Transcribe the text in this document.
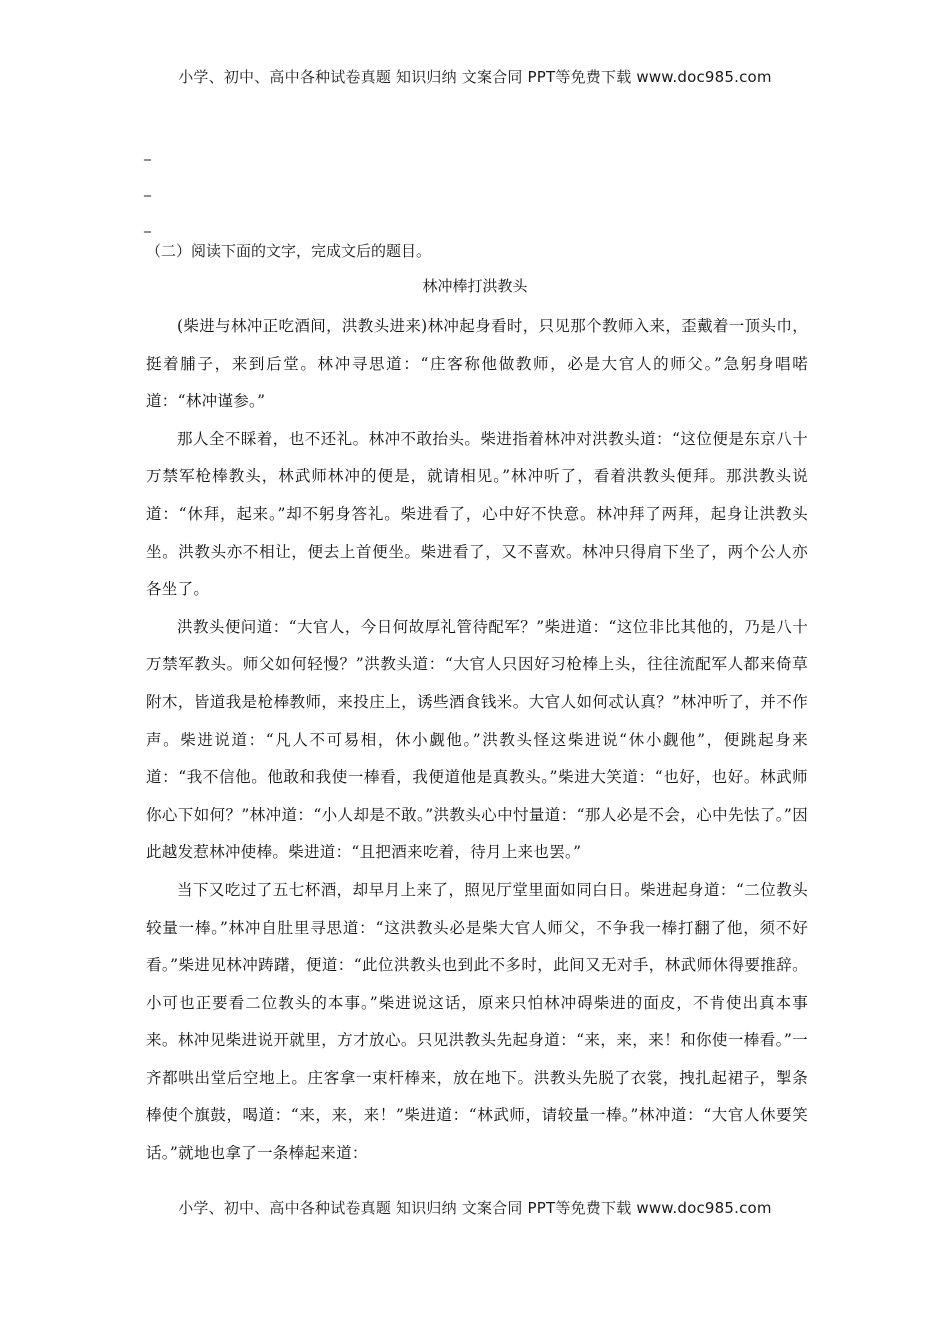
小学、初中、高中各种试卷真题 知识归纳 文案合同 PPT等免费下载 www.doc985.com
_
_
_
（二）阅读下面的文字，完成文后的题目。
林冲棒打洪教头

(柴进与林冲正吃酒间，洪教头进来)林冲起身看时，只见那个教师入来，歪戴着一顶头巾，挺着脯子，来到后堂。林冲寻思道：“庄客称他做教师，必是大官人的师父。”急躬身唱喏道：“林冲谨参。”

那人全不睬着，也不还礼。林冲不敢抬头。柴进指着林冲对洪教头道：“这位便是东京八十万禁军枪棒教头，林武师林冲的便是，就请相见。”林冲听了，看着洪教头便拜。那洪教头说道：“休拜，起来。”却不躬身答礼。柴进看了，心中好不快意。林冲拜了两拜，起身让洪教头坐。洪教头亦不相让，便去上首便坐。柴进看了，又不喜欢。林冲只得肩下坐了，两个公人亦各坐了。

洪教头便问道：“大官人，今日何故厚礼管待配军？”柴进道：“这位非比其他的，乃是八十万禁军教头。师父如何轻慢？”洪教头道：“大官人只因好习枪棒上头，往往流配军人都来倚草附木，皆道我是枪棒教师，来投庄上，诱些酒食钱米。大官人如何忒认真？”林冲听了，并不作声。柴进说道：“凡人不可易相，休小觑他。”洪教头怪这柴进说“休小觑他”，便跳起身来道：“我不信他。他敢和我使一棒看，我便道他是真教头。”柴进大笑道：“也好，也好。林武师你心下如何？”林冲道：“小人却是不敢。”洪教头心中忖量道：“那人必是不会，心中先怯了。”因此越发惹林冲使棒。柴进道：“且把酒来吃着，待月上来也罢。”

当下又吃过了五七杯酒，却早月上来了，照见厅堂里面如同白日。柴进起身道：“二位教头较量一棒。”林冲自肚里寻思道：“这洪教头必是柴大官人师父，不争我一棒打翻了他，须不好看。”柴进见林冲踌躇，便道：“此位洪教头也到此不多时，此间又无对手，林武师休得要推辞。小可也正要看二位教头的本事。”柴进说这话，原来只怕林冲碍柴进的面皮，不肯使出真本事来。林冲见柴进说开就里，方才放心。只见洪教头先起身道：“来，来，来！和你使一棒看。”一齐都哄出堂后空地上。庄客拿一束杆棒来，放在地下。洪教头先脱了衣裳，拽扎起裙子，掣条棒使个旗鼓，喝道：“来，来，来！”柴进道：“林武师，请较量一棒。”林冲道：“大官人休要笑话。”就地也拿了一条棒起来道：

小学、初中、高中各种试卷真题 知识归纳 文案合同 PPT等免费下载 www.doc985.com
